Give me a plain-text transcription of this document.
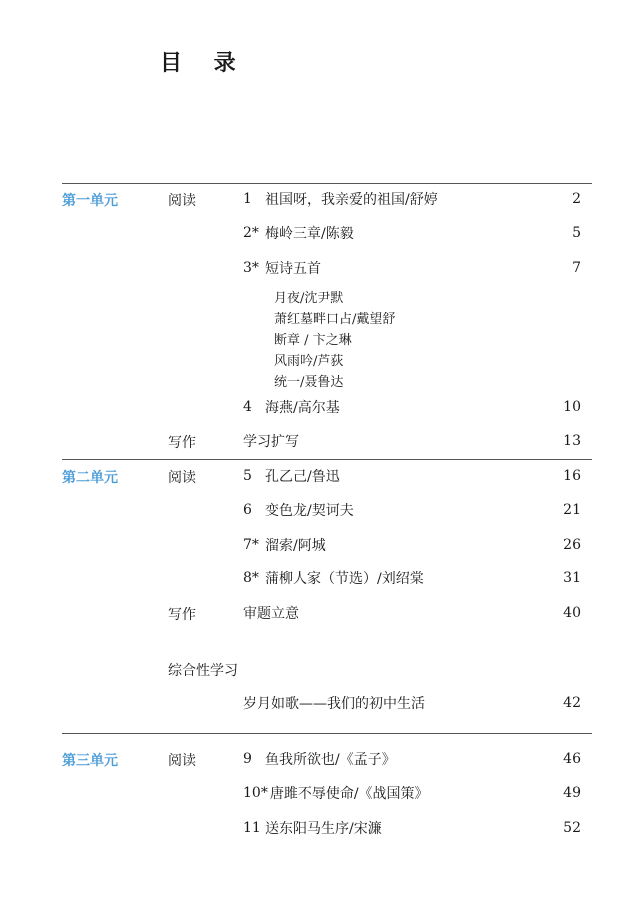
目 录
第一单元	阅读	1 祖国呀，我亲爱的祖国/舒婷	2
2* 梅岭三章/陈毅	5
3* 短诗五首	7
月夜/沈尹默
萧红墓畔口占/戴望舒
断章 / 卞之琳
风雨吟/芦荻
统一/聂鲁达
4 海燕/高尔基	10
写作	学习扩写	13
第二单元	阅读	5 孔乙己/鲁迅	16
6 变色龙/契诃夫	21
7* 溜索/阿城	26
8* 蒲柳人家（节选）/刘绍棠	31
写作	审题立意	40
综合性学习
岁月如歌——我们的初中生活	42
第三单元	阅读	9 鱼我所欲也/《孟子》	46
10* 唐雎不辱使命/《战国策》	49
11 送东阳马生序/宋濂	52
